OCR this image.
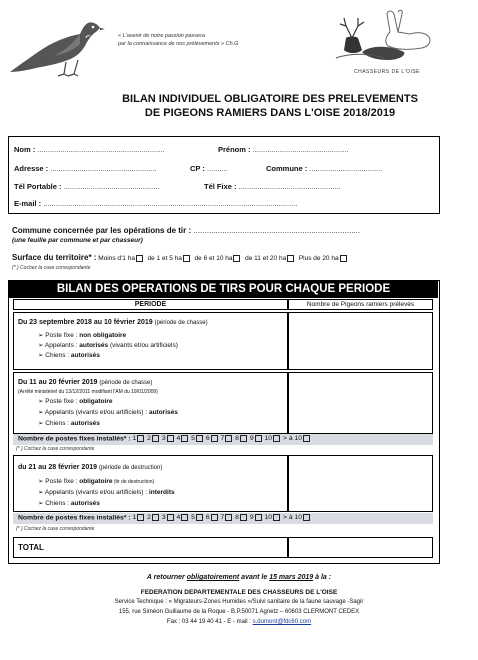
« L'avenir de notre passion passera
par la connaissance de nos prélèvements » Ch.G
CHASSEURS DE L'OISE
BILAN INDIVIDUEL OBLIGATOIRE DES PRELEVEMENTS
DE PIGEONS RAMIERS DANS L'OISE 2018/2019
Nom : .............................................................	Prénom : ..............................................
Adresse : ...................................................	CP : ..........	Commune : ...................................
Tél Portable : ..............................................	Tél Fixe : .................................................
E-mail : ..........................................................................................................................
Commune concernée par les opérations de tir : ...........................................................................
(une feuille par commune et par chasseur)
Surface du territoire* : Moins d'1 ha de 1 et 5 ha de 6 et 10 ha de 11 et 20 ha Plus de 20 ha
(* ) Cochez la case correspondante
BILAN DES OPERATIONS DE TIRS POUR CHAQUE PERIODE
PERIODE	Nombre de Pigeons ramiers prélevés
Du 23 septembre 2018 au 10 février 2019 (période de chasse)
➢ Poste fixe : non obligatoire
➢ Appelants : autorisés (vivants et/ou artificiels)
➢ Chiens : autorisés
Du 11 au 20 février 2019 (période de chasse)
(Arrêté ministériel du 13/12/2011 modifiant l'AM du 19/01/2009)
➢ Poste fixe : obligatoire
➢ Appelants (vivants et/ou artificiels) : autorisés
➢ Chiens : autorisés
Nombre de postes fixes installés* : 1 2 3 4 5 6 7 8 9 10 > à 10
(* ) Cochez la case correspondante
du 21 au 28 février 2019 (période de destruction)
➢ Poste fixe : obligatoire (tir de destruction)
➢ Appelants (vivants et/ou artificiels) : interdits
➢ Chiens : autorisés
Nombre de postes fixes installés* : 1 2 3 4 5 6 7 8 9 10 > à 10
(* ) Cochez la case correspondante
TOTAL
A retourner obligatoirement avant le 15 mars 2019 à la :
FEDERATION DEPARTEMENTALE DES CHASSEURS DE L'OISE
Service Technique : « Migrateurs-Zones Humides »/Suivi sanitaire de la faune sauvage -Sagir
155, rue Siméon Guillaume de la Roque - B.P.50071 Agnetz – 60603 CLERMONT CEDEX
Fax : 03 44 19 40 41 - E - mail : s.dumont@fdc60.com
